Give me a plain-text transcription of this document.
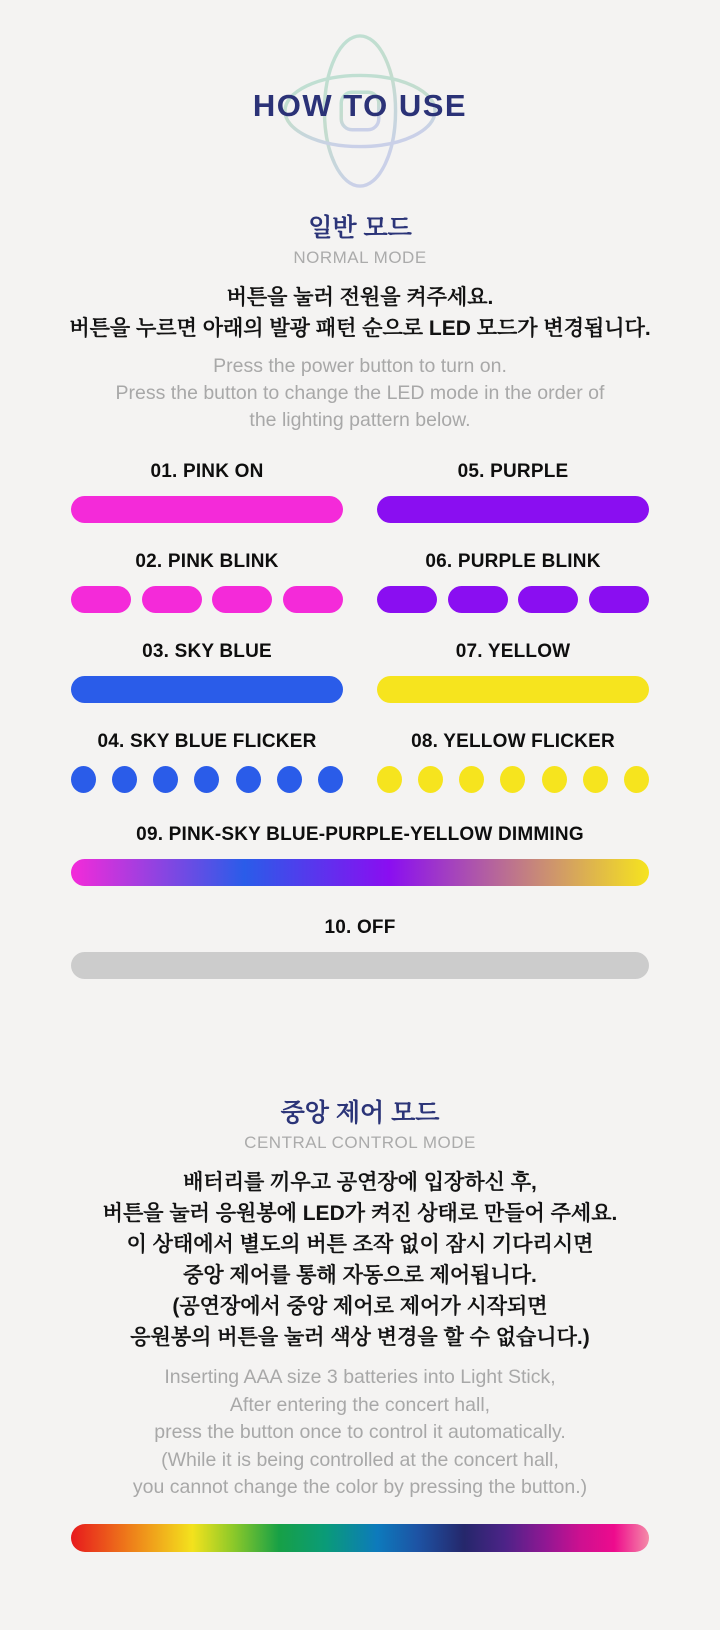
HOW TO USE
일반 모드
NORMAL MODE
버튼을 눌러 전원을 켜주세요.
버튼을 누르면 아래의 발광 패턴 순으로 LED 모드가 변경됩니다.
Press the power button to turn on.
Press the button to change the LED mode in the order of
the lighting pattern below.
01. PINK ON	05. PURPLE
02. PINK BLINK	06. PURPLE BLINK
03. SKY BLUE	07. YELLOW
04. SKY BLUE FLICKER	08. YELLOW FLICKER
09. PINK-SKY BLUE-PURPLE-YELLOW DIMMING
10. OFF
중앙 제어 모드
CENTRAL CONTROL MODE
배터리를 끼우고 공연장에 입장하신 후,
버튼을 눌러 응원봉에 LED가 켜진 상태로 만들어 주세요.
이 상태에서 별도의 버튼 조작 없이 잠시 기다리시면
중앙 제어를 통해 자동으로 제어됩니다.
(공연장에서 중앙 제어로 제어가 시작되면
응원봉의 버튼을 눌러 색상 변경을 할 수 없습니다.)
Inserting AAA size 3 batteries into Light Stick,
After entering the concert hall,
press the button once to control it automatically.
(While it is being controlled at the concert hall,
you cannot change the color by pressing the button.)
